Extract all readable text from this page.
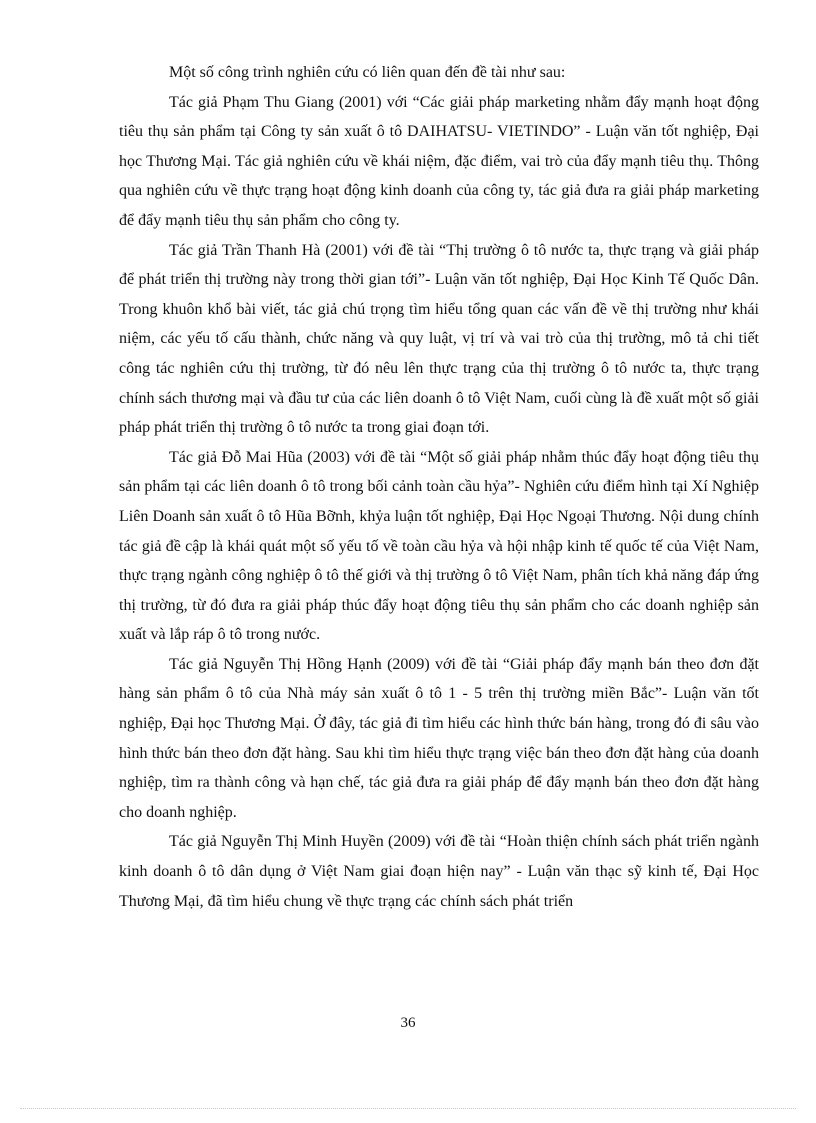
Một số công trình nghiên cứu có liên quan đến đề tài như sau:

Tác giả Phạm Thu Giang (2001) với “Các giải pháp marketing nhằm đẩy mạnh hoạt động tiêu thụ sản phẩm tại Công ty sản xuất ô tô DAIHATSU- VIETINDO” - Luận văn tốt nghiệp, Đại học Thương Mại. Tác giả nghiên cứu về khái niệm, đặc điểm, vai trò của đẩy mạnh tiêu thụ. Thông qua nghiên cứu về thực trạng hoạt động kinh doanh của công ty, tác giả đưa ra giải pháp marketing để đẩy mạnh tiêu thụ sản phẩm cho công ty.

Tác giả Trần Thanh Hà (2001) với đề tài “Thị trường ô tô nước ta, thực trạng và giải pháp để phát triển thị trường này trong thời gian tới”- Luận văn tốt nghiệp, Đại Học Kinh Tế Quốc Dân. Trong khuôn khổ bài viết, tác giả chú trọng tìm hiểu tổng quan các vấn đề về thị trường như khái niệm, các yếu tố cấu thành, chức năng và quy luật, vị trí và vai trò của thị trường, mô tả chi tiết công tác nghiên cứu thị trường, từ đó nêu lên thực trạng của thị trường ô tô nước ta, thực trạng chính sách thương mại và đầu tư của các liên doanh ô tô Việt Nam, cuối cùng là đề xuất một số giải pháp phát triển thị trường ô tô nước ta trong giai đoạn tới.

Tác giả Đỗ Mai Hũa (2003) với đề tài “Một số giải pháp nhằm thúc đẩy hoạt động tiêu thụ sản phẩm tại các liên doanh ô tô trong bối cảnh toàn cầu hỷa”- Nghiên cứu điểm hình tại Xí Nghiệp Liên Doanh sản xuất ô tô Hũa Bỡnh, khỷa luận tốt nghiệp, Đại Học Ngoại Thương. Nội dung chính tác giả đề cập là khái quát một số yếu tố về toàn cầu hỷa và hội nhập kinh tế quốc tế của Việt Nam, thực trạng ngành công nghiệp ô tô thế giới và thị trường ô tô Việt Nam, phân tích khả năng đáp ứng thị trường, từ đó đưa ra giải pháp thúc đẩy hoạt động tiêu thụ sản phẩm cho các doanh nghiệp sản xuất và lắp ráp ô tô trong nước.

Tác giả Nguyễn Thị Hồng Hạnh (2009) với đề tài “Giải pháp đẩy mạnh bán theo đơn đặt hàng sản phẩm ô tô của Nhà máy sản xuất ô tô 1 - 5 trên thị trường miền Bắc”- Luận văn tốt nghiệp, Đại học Thương Mại. Ở đây, tác giả đi tìm hiểu các hình thức bán hàng, trong đó đi sâu vào hình thức bán theo đơn đặt hàng. Sau khi tìm hiểu thực trạng việc bán theo đơn đặt hàng của doanh nghiệp, tìm ra thành công và hạn chế, tác giả đưa ra giải pháp để đẩy mạnh bán theo đơn đặt hàng cho doanh nghiệp.

Tác giả Nguyễn Thị Minh Huyền (2009) với đề tài “Hoàn thiện chính sách phát triển ngành kinh doanh ô tô dân dụng ở Việt Nam giai đoạn hiện nay” - Luận văn thạc sỹ kinh tế, Đại Học Thương Mại, đã tìm hiểu chung về thực trạng các chính sách phát triển

36
